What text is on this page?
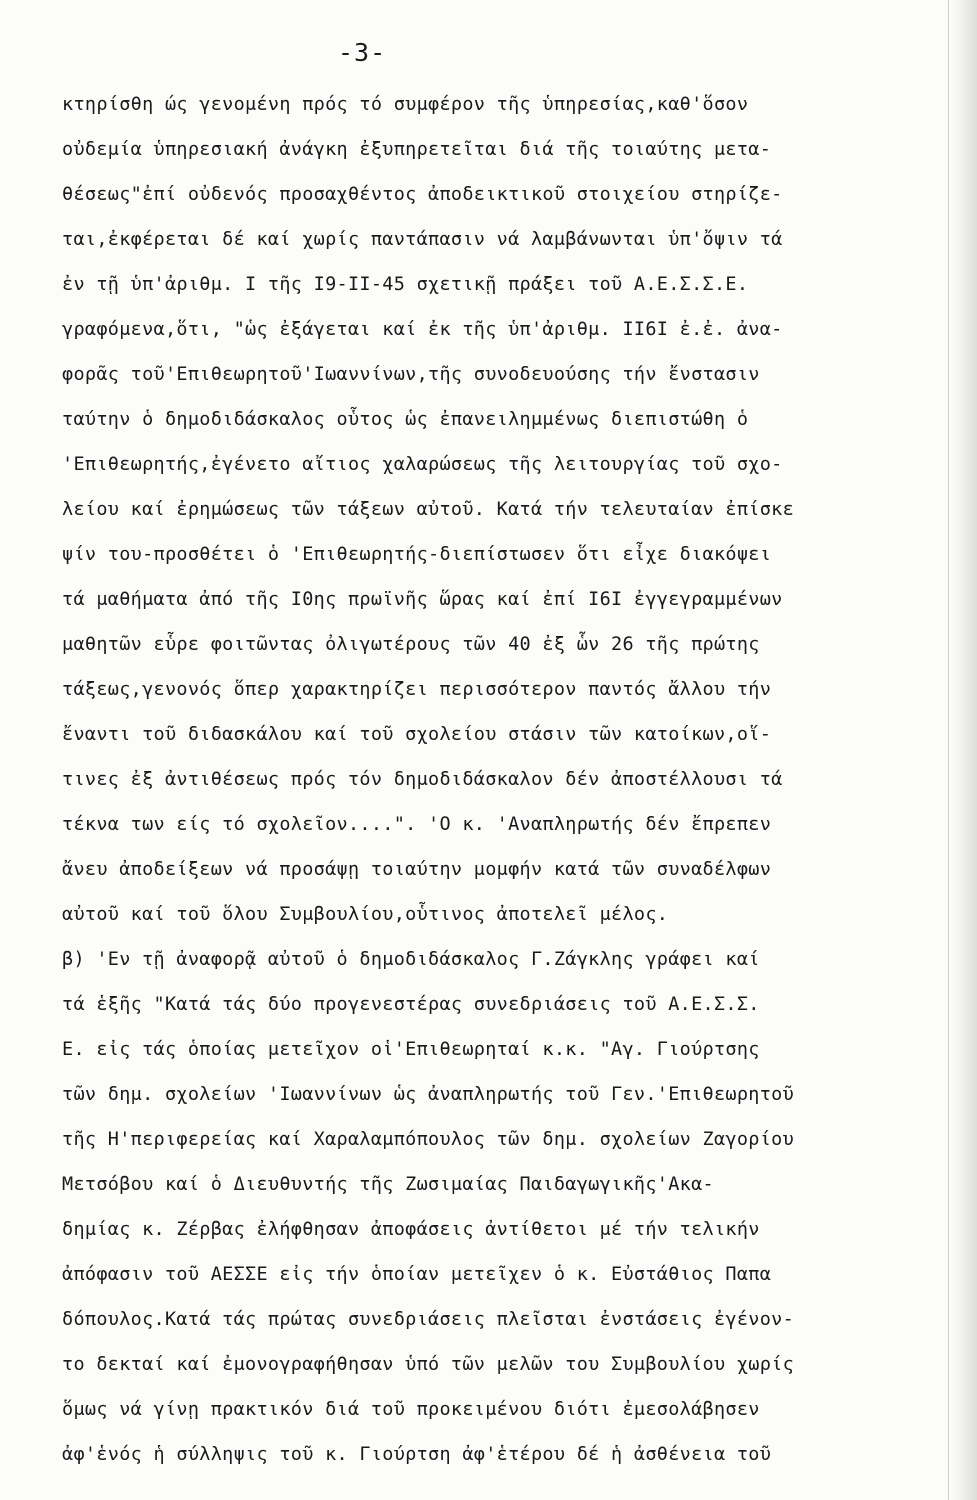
-3-
κτηρίσθη ώς γενομένη πρός τό συμφέρον τῆς ὑπηρεσίας,καθ'ὅσον
οὐδεμία ὑπηρεσιακή ἀνάγκη ἐξυπηρετεῖται διά τῆς τοιαύτης μετα-
θέσεως"ἐπί οὐδενός προσαχθέντος ἀποδεικτικοῦ στοιχείου στηρίζε-
ται,ἐκφέρεται δέ καί χωρίς παντάπασιν νά λαμβάνωνται ὑπ'ὄψιν τά
ἐν τῇ ὑπ'ἀριθμ. I τῆς I9-II-45 σχετικῇ πράξει τοῦ Α.Ε.Σ.Σ.Ε.
γραφόμενα,ὅτι, "ὡς ἐξάγεται καί ἐκ τῆς ὑπ'ἀριθμ. II6I ἐ.ἐ. ἀνα-
φορᾶς τοῦ'Επιθεωρητοῦ'Ιωαννίνων,τῆς συνοδευούσης τήν ἔνστασιν
ταύτην ὁ δημοδιδάσκαλος οὗτος ὡς ἐπανειλημμένως διεπιστώθη ὁ
'Επιθεωρητής,ἐγένετο αἴτιος χαλαρώσεως τῆς λειτουργίας τοῦ σχο-
λείου καί ἐρημώσεως τῶν τάξεων αὐτοῦ. Κατά τήν τελευταίαν ἐπίσκε
ψίν του-προσθέτει ὁ 'Επιθεωρητής-διεπίστωσεν ὅτι εἶχε διακόψει
τά μαθήματα ἀπό τῆς I0ης πρωϊνῆς ὥρας καί ἐπί I6I ἐγγεγραμμένων
μαθητῶν εὗρε φοιτῶντας ὀλιγωτέρους τῶν 40 ἐξ ὧν 26 τῆς πρώτης
τάξεως,γενονός ὅπερ χαρακτηρίζει περισσότερον παντός ἄλλου τήν
ἔναντι τοῦ διδασκάλου καί τοῦ σχολείου στάσιν τῶν κατοίκων,οἵ-
τινες ἐξ ἀντιθέσεως πρός τόν δημοδιδάσκαλον δέν ἀποστέλλουσι τά
τέκνα των είς τό σχολεῖον....". 'Ο κ. 'Αναπληρωτής δέν ἔπρεπεν
ἄνευ ἀποδείξεων νά προσάψῃ τοιαύτην μομφήν κατά τῶν συναδέλφων
αὐτοῦ καί τοῦ ὅλου Συμβουλίου,οὗτινος ἀποτελεῖ μέλος.
β) 'Εν τῇ ἀναφορᾷ αὐτοῦ ὁ δημοδιδάσκαλος Γ.Ζάγκλης γράφει καί
τά ἑξῆς "Κατά τάς δύο προγενεστέρας συνεδριάσεις τοῦ Α.Ε.Σ.Σ.
Ε. εἰς τάς ὁποίας μετεῖχον οἱ'Επιθεωρηταί κ.κ. "Αγ. Γιούρτσης
τῶν δημ. σχολείων 'Ιωαννίνων ὡς ἀναπληρωτής τοῦ Γεν.'Επιθεωρητοῦ
τῆς Η'περιφερείας καί Χαραλαμπόπουλος τῶν δημ. σχολείων Ζαγορίου
Μετσόβου καί ὁ Διευθυντής τῆς Ζωσιμαίας Παιδαγωγικῆς'Ακα-
δημίας κ. Ζέρβας ἐλήφθησαν ἀποφάσεις ἀντίθετοι μέ τήν τελικήν
ἀπόφασιν τοῦ ΑΕΣΣΕ εἰς τήν ὁποίαν μετεῖχεν ὁ κ. Εὐστάθιος Παπα
δόπουλος.Κατά τάς πρώτας συνεδριάσεις πλεῖσται ἐνστάσεις ἐγένον-
το δεκταί καί ἐμονογραφήθησαν ὑπό τῶν μελῶν του Συμβουλίου χωρίς
ὅμως νά γίνῃ πρακτικόν διά τοῦ προκειμένου διότι ἐμεσολάβησεν
ἀφ'ἑνός ἡ σύλληψις τοῦ κ. Γιούρτση ἀφ'ἑτέρου δέ ἡ ἀσθένεια τοῦ
